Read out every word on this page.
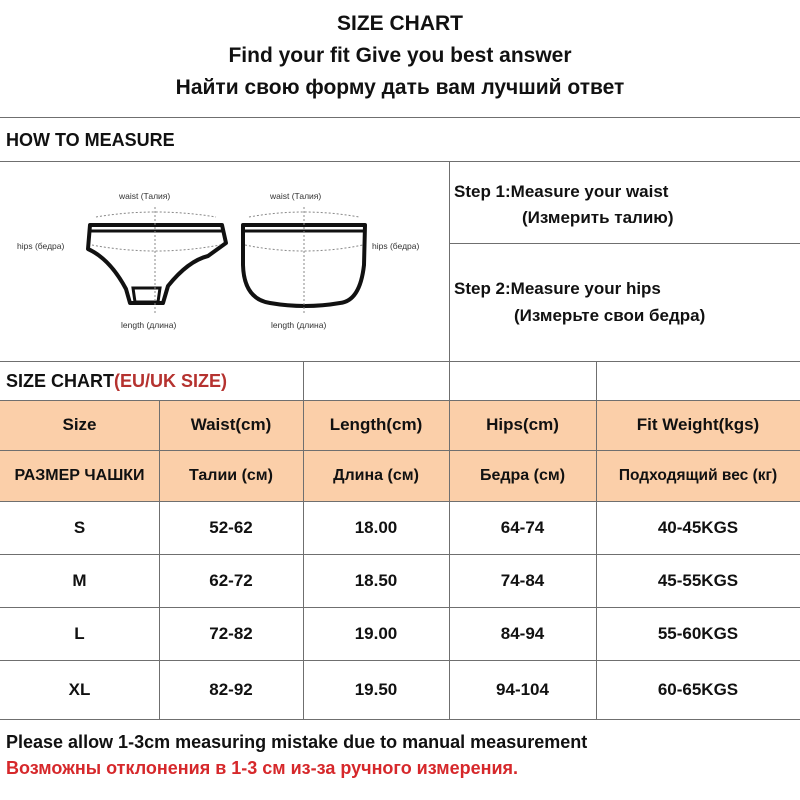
SIZE CHART
Find your fit Give you best answer
Найти свою форму дать вам лучший ответ
HOW TO MEASURE
waist (Талия)
hips (бедра)
length (длина)
waist (Талия)
hips (бедра)
length (длина)
Step 1:Measure your waist
(Измерить талию)
Step 2:Measure your hips
(Измерьте свои бедра)
SIZE CHART(EU/UK SIZE)
Size	Waist(cm)	Length(cm)	Hips(cm)	Fit Weight(kgs)
РАЗМЕР ЧАШКИ	Талии (см)	Длина (см)	Бедра (см)	Подходящий вес (кг)
S	52-62	18.00	64-74	40-45KGS
M	62-72	18.50	74-84	45-55KGS
L	72-82	19.00	84-94	55-60KGS
XL	82-92	19.50	94-104	60-65KGS
Please allow 1-3cm measuring mistake due to manual measurement
Возможны отклонения в 1-3 см из-за ручного измерения.
